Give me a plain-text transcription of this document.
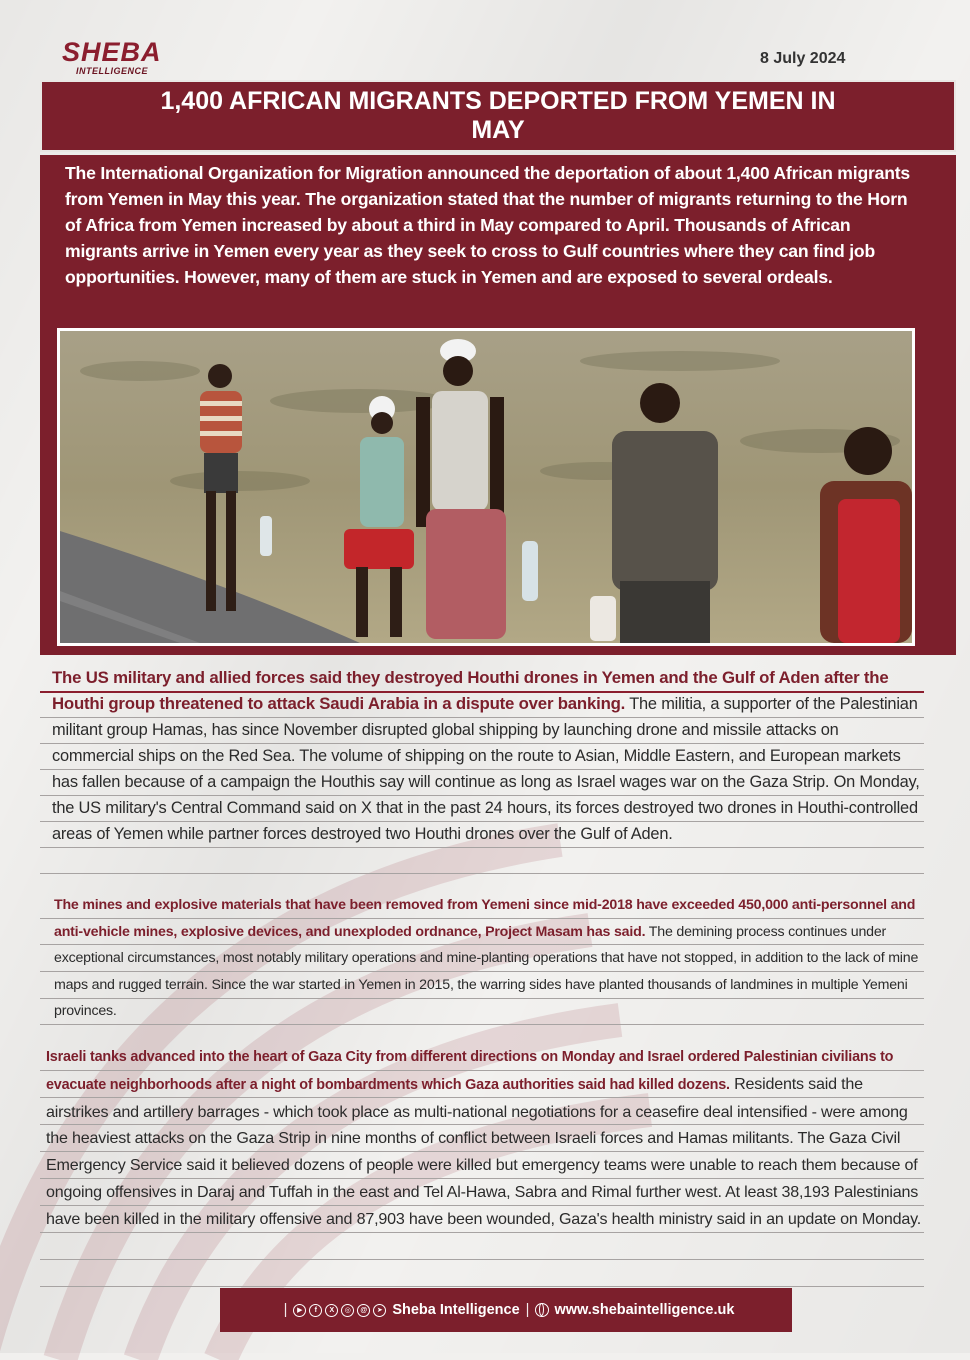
SHEBA
INTELLIGENCE
8 July 2024
1,400 AFRICAN MIGRANTS DEPORTED FROM YEMEN IN MAY
The International Organization for Migration announced the deportation of about 1,400 African migrants from Yemen in May this year. The organization stated that the number of migrants returning to the Horn of Africa from Yemen increased by about a third in May compared to April. Thousands of African migrants arrive in Yemen every year as they seek to cross to Gulf countries where they can find job opportunities. However, many of them are stuck in Yemen and are exposed to several ordeals.
The US military and allied forces said they destroyed Houthi drones in Yemen and the Gulf of Aden after the Houthi group threatened to attack Saudi Arabia in a dispute over banking. The militia, a supporter of the Palestinian militant group Hamas, has since November disrupted global shipping by launching drone and missile attacks on commercial ships on the Red Sea. The volume of shipping on the route to Asian, Middle Eastern, and European markets has fallen because of a campaign the Houthis say will continue as long as Israel wages war on the Gaza Strip. On Monday, the US military's Central Command said on X that in the past 24 hours, its forces destroyed two drones in Houthi-controlled areas of Yemen while partner forces destroyed two Houthi drones over the Gulf of Aden.
The mines and explosive materials that have been removed from Yemeni since mid-2018 have exceeded 450,000 anti-personnel and anti-vehicle mines, explosive devices, and unexploded ordnance, Project Masam has said. The demining process continues under exceptional circumstances, most notably military operations and mine-planting operations that have not stopped, in addition to the lack of mine maps and rugged terrain. Since the war started in Yemen in 2015, the warring sides have planted thousands of landmines in multiple Yemeni provinces.
Israeli tanks advanced into the heart of Gaza City from different directions on Monday and Israel ordered Palestinian civilians to evacuate neighborhoods after a night of bombardments which Gaza authorities said had killed dozens. Residents said the airstrikes and artillery barrages - which took place as multi-national negotiations for a ceasefire deal intensified - were among the heaviest attacks on the Gaza Strip in nine months of conflict between Israeli forces and Hamas militants. The Gaza Civil Emergency Service said it believed dozens of people were killed but emergency teams were unable to reach them because of ongoing offensives in Daraj and Tuffah in the east and Tel Al-Hawa, Sabra and Rimal further west. At least 38,193 Palestinians have been killed in the military offensive and 87,903 have been wounded, Gaza's health ministry said in an update on Monday.
|	▶	f	X	◎	@	➤ Sheba Intelligence | www.shebaintelligence.uk
